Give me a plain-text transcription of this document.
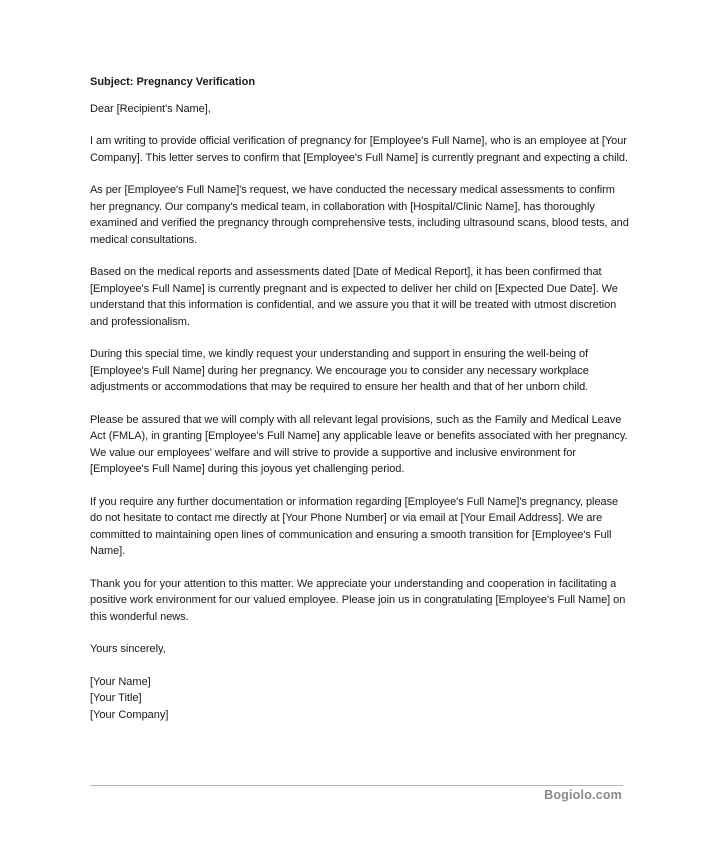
Subject: Pregnancy Verification
Dear [Recipient's Name],
I am writing to provide official verification of pregnancy for [Employee's Full Name], who is an employee at [Your Company]. This letter serves to confirm that [Employee's Full Name] is currently pregnant and expecting a child.
As per [Employee's Full Name]'s request, we have conducted the necessary medical assessments to confirm her pregnancy. Our company's medical team, in collaboration with [Hospital/Clinic Name], has thoroughly examined and verified the pregnancy through comprehensive tests, including ultrasound scans, blood tests, and medical consultations.
Based on the medical reports and assessments dated [Date of Medical Report], it has been confirmed that [Employee's Full Name] is currently pregnant and is expected to deliver her child on [Expected Due Date]. We understand that this information is confidential, and we assure you that it will be treated with utmost discretion and professionalism.
During this special time, we kindly request your understanding and support in ensuring the well-being of [Employee's Full Name] during her pregnancy. We encourage you to consider any necessary workplace adjustments or accommodations that may be required to ensure her health and that of her unborn child.
Please be assured that we will comply with all relevant legal provisions, such as the Family and Medical Leave Act (FMLA), in granting [Employee's Full Name] any applicable leave or benefits associated with her pregnancy. We value our employees' welfare and will strive to provide a supportive and inclusive environment for [Employee's Full Name] during this joyous yet challenging period.
If you require any further documentation or information regarding [Employee's Full Name]'s pregnancy, please do not hesitate to contact me directly at [Your Phone Number] or via email at [Your Email Address]. We are committed to maintaining open lines of communication and ensuring a smooth transition for [Employee's Full Name].
Thank you for your attention to this matter. We appreciate your understanding and cooperation in facilitating a positive work environment for our valued employee. Please join us in congratulating [Employee's Full Name] on this wonderful news.
Yours sincerely,
[Your Name]
[Your Title]
[Your Company]
Bogiolo.com
